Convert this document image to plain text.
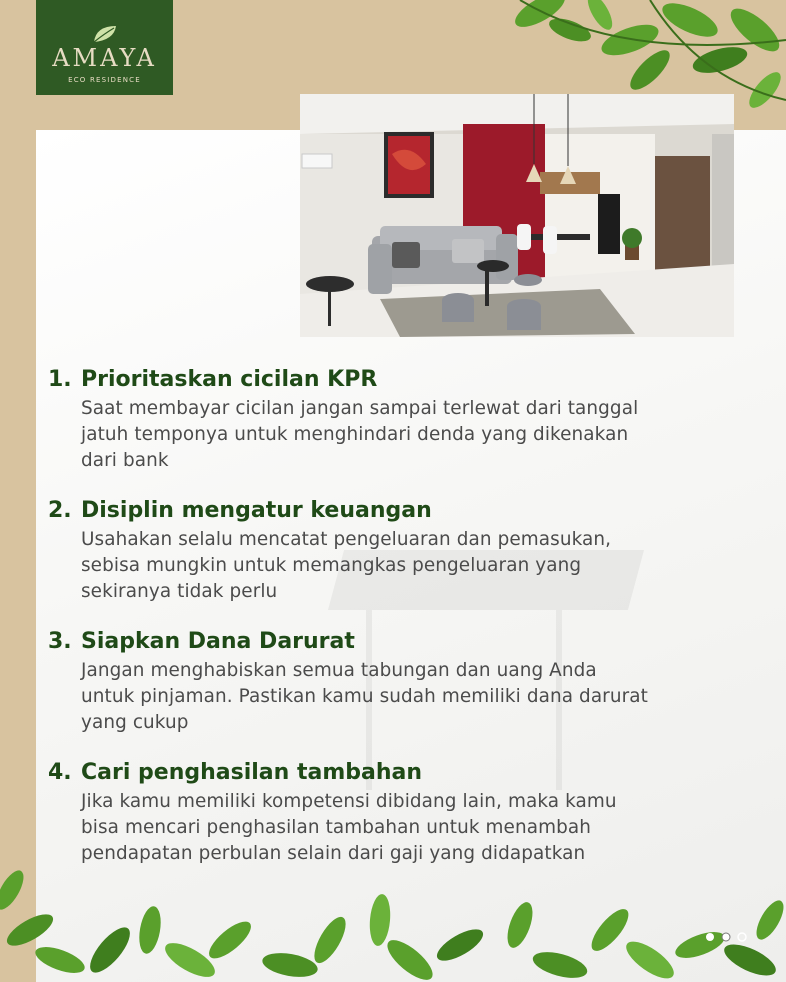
AMAYA
ECO RESIDENCE
1. Prioritaskan cicilan KPR
Saat membayar cicilan jangan sampai terlewat dari tanggal
jatuh temponya untuk menghindari denda yang dikenakan
dari bank
2. Disiplin mengatur keuangan
Usahakan selalu mencatat pengeluaran dan pemasukan,
sebisa mungkin untuk memangkas pengeluaran yang
sekiranya tidak perlu
3. Siapkan Dana Darurat
Jangan menghabiskan semua tabungan dan uang Anda
untuk pinjaman. Pastikan kamu sudah memiliki dana darurat
yang cukup
4. Cari penghasilan tambahan
Jika kamu memiliki kompetensi dibidang lain, maka kamu
bisa mencari penghasilan tambahan untuk menambah
pendapatan perbulan selain dari gaji yang didapatkan
